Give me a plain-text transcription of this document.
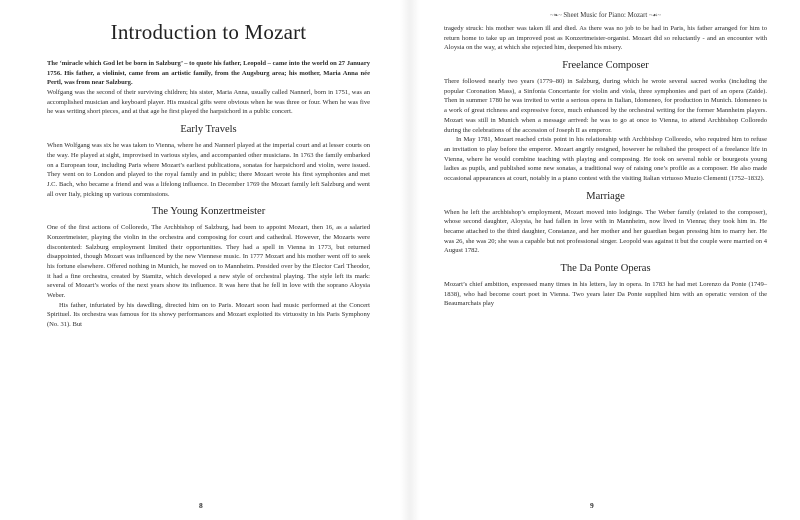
Introduction to Mozart

The ‘miracle which God let be born in Salzburg’ – to quote his father, Leopold – came into the world on 27 January 1756. His father, a violinist, came from an artistic family, from the Augsburg area; his mother, Maria Anna née Pertl, was from near Salzburg.

Wolfgang was the second of their surviving children; his sister, Maria Anna, usually called Nannerl, born in 1751, was an accomplished musician and keyboard player. His musical gifts were obvious when he was three or four. When he was five he was writing short pieces, and at that age he first played the harpsichord in a public concert.

Early Travels

When Wolfgang was six he was taken to Vienna, where he and Nannerl played at the imperial court and at lesser courts on the way. He played at sight, improvised in various styles, and accompanied other musicians. In 1763 the family embarked on a European tour, including Paris where Mozart’s earliest publications, sonatas for harpsichord and violin, were issued. They went on to London and played to the royal family and in public; there Mozart wrote his first symphonies and met J.C. Bach, who became a friend and was a lifelong influence. In December 1769 the Mozart family left Salzburg and went all over Italy, picking up various commissions.

The Young Konzertmeister

One of the first actions of Colloredo, The Archbishop of Salzburg, had been to appoint Mozart, then 16, as a salaried Konzertmeister, playing the violin in the orchestra and composing for court and cathedral. However, the Mozarts were discontented: Salzburg employment limited their opportunities. They had a spell in Vienna in 1773, but returned disappointed, though Mozart was influenced by the new Viennese music. In 1777 Mozart and his mother went off to seek his fortune elsewhere. Offered nothing in Munich, he moved on to Mannheim. Presided over by the Elector Carl Theodor, it had a fine orchestra, created by Stamitz, which developed a new style of orchestral playing. The style left its mark: several of Mozart’s works of the next years show its influence. It was here that he fell in love with the soprano Aloysia Weber.

His father, infuriated by his dawdling, directed him on to Paris. Mozart soon had music performed at the Concert Spirituel. Its orchestra was famous for its showy performances and Mozart exploited its virtuosity in his Paris Symphony (No. 31). But

8
~❧~ Sheet Music for Piano: Mozart ~☙~

tragedy struck: his mother was taken ill and died. As there was no job to be had in Paris, his father arranged for him to return home to take up an improved post as Konzertmeister-organist. Mozart did so reluctantly - and an encounter with Aloysia on the way, at which she rejected him, deepened his misery.

Freelance Composer

There followed nearly two years (1779–80) in Salzburg, during which he wrote several sacred works (including the popular Coronation Mass), a Sinfonia Concertante for violin and viola, three symphonies and part of an opera (Zaïde). Then in summer 1780 he was invited to write a serious opera in Italian, Idomeneo, for production in Munich. Idomeneo is a work of great richness and expressive force, much enhanced by the orchestral writing for the former Mannheim players. Mozart was still in Munich when a message arrived: he was to go at once to Vienna, to attend Archbishop Colloredo during the celebrations of the accession of Joseph II as emperor.

In May 1781, Mozart reached crisis point in his relationship with Archbishop Colloredo, who required him to refuse an invitation to play before the emperor. Mozart angrily resigned, however he relished the prospect of a freelance life in Vienna, where he would combine teaching with playing and composing. He took on several noble or bourgeois young ladies as pupils, and published some new sonatas, a traditional way of raising one’s profile as a composer. He also made occasional appearances at court, notably in a piano contest with the visiting Italian virtuoso Muzio Clementi (1752–1832).

Marriage

When he left the archbishop’s employment, Mozart moved into lodgings. The Weber family (related to the composer), whose second daughter, Aloysia, he had fallen in love with in Mannheim, now lived in Vienna; they took him in. He became attached to the third daughter, Constanze, and her mother and her guardian began pressing him to marry her. He was 26, she was 20; she was a capable but not professional singer. Leopold was against it but the couple were married on 4 August 1782.

The Da Ponte Operas

Mozart’s chief ambition, expressed many times in his letters, lay in opera. In 1783 he had met Lorenzo da Ponte (1749–1838), who had become court poet in Vienna. Two years later Da Ponte supplied him with an operatic version of the Beaumarchais play

9
